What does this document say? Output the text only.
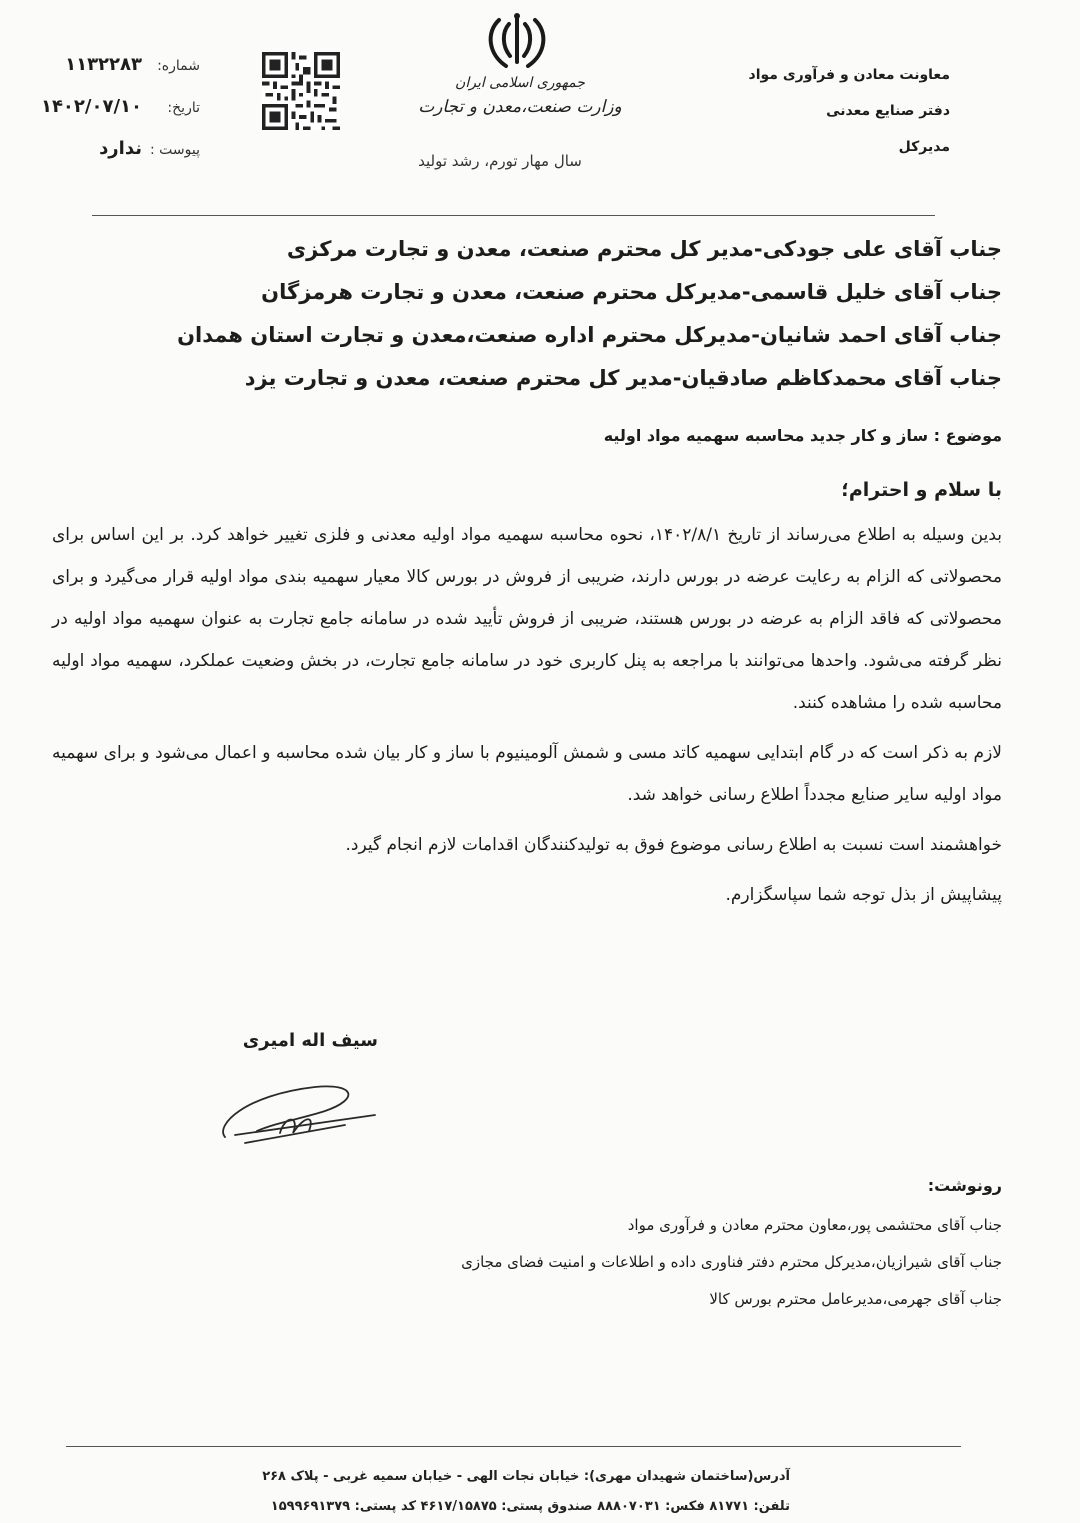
شماره:
۱۱۳۲۲۸۳
تاریخ:
۱۴۰۲/۰۷/۱۰
پیوست :
ندارد
جمهوری اسلامی ایران
وزارت صنعت،معدن و تجارت
سال مهار تورم، رشد تولید
معاونت معادن و فرآوری مواد
دفتر صنایع معدنی
مدیرکل
جناب آقای علی جودکی-مدیر کل محترم صنعت، معدن و تجارت مرکزی
جناب آقای خلیل قاسمی-مدیرکل محترم صنعت، معدن و تجارت هرمزگان
جناب آقای احمد شانیان-مدیرکل محترم اداره صنعت،معدن و تجارت استان همدان
جناب آقای محمدکاظم صادقیان-مدیر کل محترم صنعت، معدن و تجارت یزد
موضوع : ساز و کار جدید محاسبه سهمیه مواد اولیه
با سلام و احترام؛

بدین وسیله به اطلاع می‌رساند از تاریخ ۱۴۰۲/۸/۱، نحوه محاسبه سهمیه مواد اولیه معدنی و فلزی تغییر خواهد کرد. بر این اساس برای محصولاتی که الزام به رعایت عرضه در بورس دارند، ضریبی از فروش در بورس کالا معیار سهمیه بندی مواد اولیه قرار می‌گیرد و برای محصولاتی که فاقد الزام به عرضه در بورس هستند، ضریبی از فروش تأیید شده در سامانه جامع تجارت به عنوان سهمیه مواد اولیه در نظر گرفته می‌شود. واحدها می‌توانند با مراجعه به پنل کاربری خود در سامانه جامع تجارت، در بخش وضعیت عملکرد، سهمیه مواد اولیه محاسبه شده را مشاهده کنند.

لازم به ذکر است که در گام ابتدایی سهمیه کاتد مسی و شمش آلومینیوم با ساز و کار بیان شده محاسبه و اعمال می‌شود و برای سهمیه مواد اولیه سایر صنایع مجدداً اطلاع رسانی خواهد شد.

خواهشمند است نسبت به اطلاع رسانی موضوع فوق به تولیدکنندگان اقدامات لازم انجام گیرد.

پیشاپیش از بذل توجه شما سپاسگزارم.

سیف اله امیری
رونوشت:
جناب آقای محتشمی پور،معاون محترم معادن و فرآوری مواد
جناب آقای شیرازیان،مدیرکل محترم دفتر فناوری داده و اطلاعات و امنیت فضای مجازی
جناب آقای جهرمی،مدیرعامل محترم بورس کالا
آدرس(ساختمان شهیدان مهری): خیابان نجات الهی - خیابان سمیه غربی - پلاک ۲۶۸
تلفن: ۸۱۷۷۱ فکس: ۸۸۸۰۷۰۳۱ صندوق پستی: ۴۶۱۷/۱۵۸۷۵ کد پستی: ۱۵۹۹۶۹۱۳۷۹
